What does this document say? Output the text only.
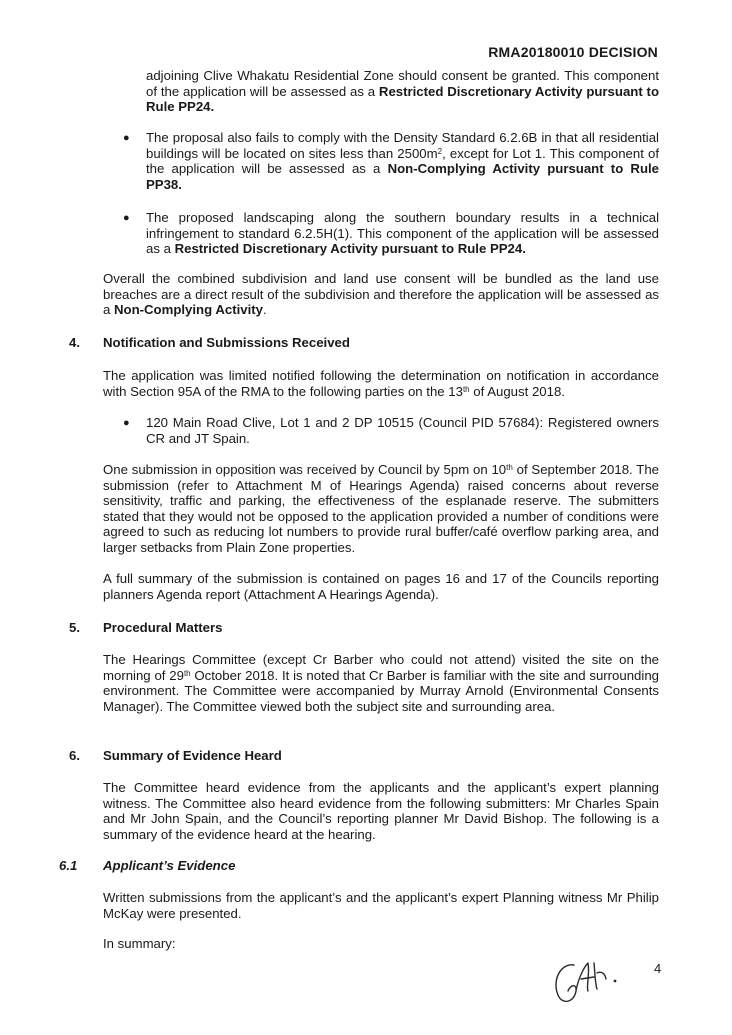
RMA20180010 DECISION
adjoining Clive Whakatu Residential Zone should consent be granted. This component of the application will be assessed as a Restricted Discretionary Activity pursuant to Rule PP24.
● The proposal also fails to comply with the Density Standard 6.2.6B in that all residential buildings will be located on sites less than $2500m^2$, except for Lot 1. This component of the application will be assessed as a Non-Complying Activity pursuant to Rule PP38.
● The proposed landscaping along the southern boundary results in a technical infringement to standard 6.2.5H(1). This component of the application will be assessed as a Restricted Discretionary Activity pursuant to Rule PP24.
Overall the combined subdivision and land use consent will be bundled as the land use breaches are a direct result of the subdivision and therefore the application will be assessed as a Non-Complying Activity.
4. Notification and Submissions Received
The application was limited notified following the determination on notification in accordance with Section 95A of the RMA to the following parties on the 13th of August 2018.
● 120 Main Road Clive, Lot 1 and 2 DP 10515 (Council PID 57684): Registered owners CR and JT Spain.
One submission in opposition was received by Council by 5pm on 10th of September 2018. The submission (refer to Attachment M of Hearings Agenda) raised concerns about reverse sensitivity, traffic and parking, the effectiveness of the esplanade reserve. The submitters stated that they would not be opposed to the application provided a number of conditions were agreed to such as reducing lot numbers to provide rural buffer/café overflow parking area, and larger setbacks from Plain Zone properties.
A full summary of the submission is contained on pages 16 and 17 of the Councils reporting planners Agenda report (Attachment A Hearings Agenda).
5. Procedural Matters
The Hearings Committee (except Cr Barber who could not attend) visited the site on the morning of 29th October 2018. It is noted that Cr Barber is familiar with the site and surrounding environment. The Committee were accompanied by Murray Arnold (Environmental Consents Manager). The Committee viewed both the subject site and surrounding area.
6. Summary of Evidence Heard
The Committee heard evidence from the applicants and the applicant’s expert planning witness. The Committee also heard evidence from the following submitters: Mr Charles Spain and Mr John Spain, and the Council’s reporting planner Mr David Bishop. The following is a summary of the evidence heard at the hearing.
6.1 Applicant’s Evidence
Written submissions from the applicant’s and the applicant’s expert Planning witness Mr Philip McKay were presented.
In summary:
4
